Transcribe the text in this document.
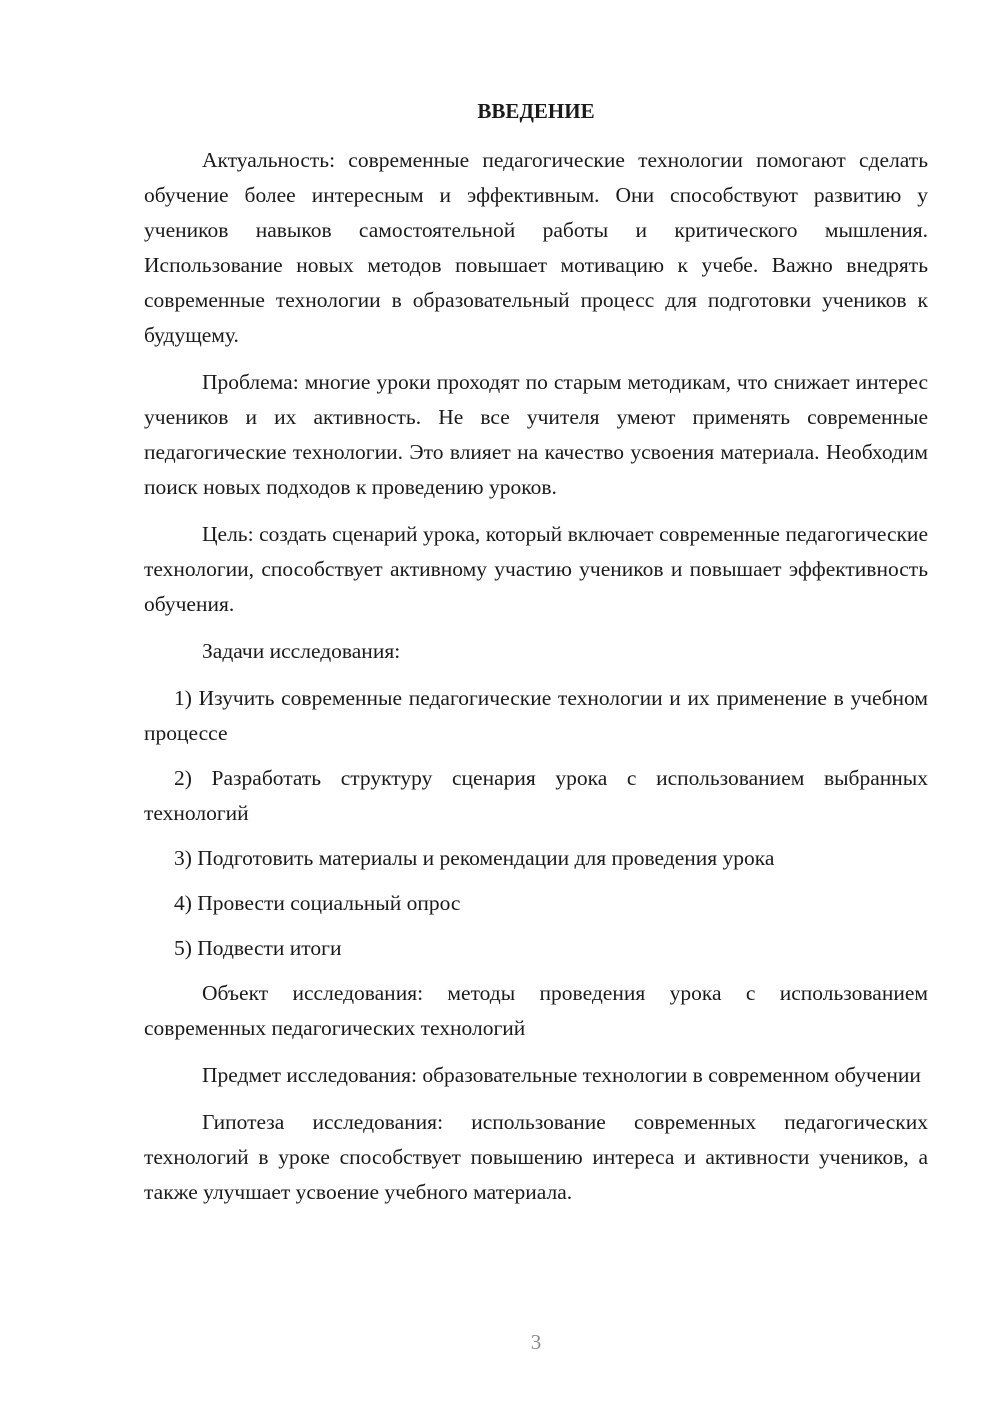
ВВЕДЕНИЕ

Актуальность: современные педагогические технологии помогают сделать обучение более интересным и эффективным. Они способствуют развитию у учеников навыков самостоятельной работы и критического мышления. Использование новых методов повышает мотивацию к учебе. Важно внедрять современные технологии в образовательный процесс для подготовки учеников к будущему.

Проблема: многие уроки проходят по старым методикам, что снижает интерес учеников и их активность. Не все учителя умеют применять современные педагогические технологии. Это влияет на качество усвоения материала. Необходим поиск новых подходов к проведению уроков.

Цель: создать сценарий урока, который включает современные педагогические технологии, способствует активному участию учеников и повышает эффективность обучения.

Задачи исследования:

1) Изучить современные педагогические технологии и их применение в учебном процессе

2) Разработать структуру сценария урока с использованием выбранных технологий

3) Подготовить материалы и рекомендации для проведения урока

4) Провести социальный опрос

5) Подвести итоги

Объект исследования: методы проведения урока с использованием современных педагогических технологий

Предмет исследования: образовательные технологии в современном обучении

Гипотеза исследования: использование современных педагогических технологий в уроке способствует повышению интереса и активности учеников, а также улучшает усвоение учебного материала.

3
